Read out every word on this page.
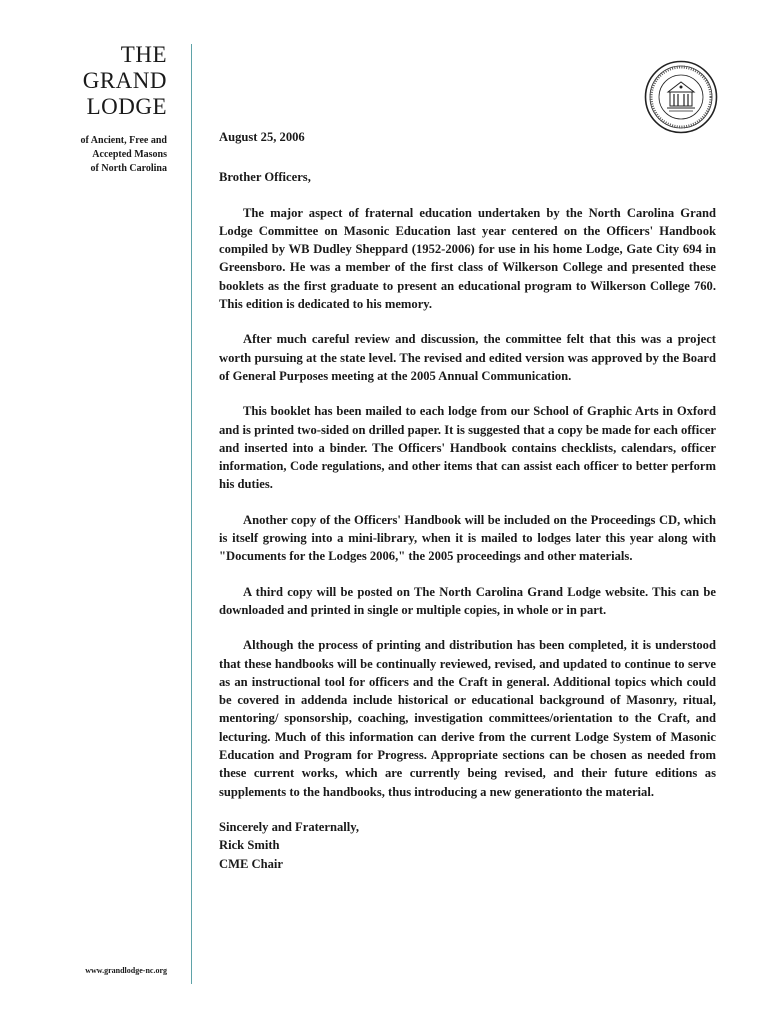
THE
GRAND
LODGE
of Ancient, Free and
Accepted Masons
of North Carolina
www.grandlodge-nc.org

August 25, 2006

Brother Officers,

The major aspect of fraternal education undertaken by the North Carolina Grand Lodge Committee on Masonic Education last year centered on the Officers' Handbook compiled by WB Dudley Sheppard (1952-2006) for use in his home Lodge, Gate City 694 in Greensboro. He was a member of the first class of Wilkerson College and presented these booklets as the first graduate to present an educational program to Wilkerson College 760. This edition is dedicated to his memory.

After much careful review and discussion, the committee felt that this was a project worth pursuing at the state level. The revised and edited version was approved by the Board of General Purposes meeting at the 2005 Annual Communication.

This booklet has been mailed to each lodge from our School of Graphic Arts in Oxford and is printed two-sided on drilled paper. It is suggested that a copy be made for each officer and inserted into a binder. The Officers' Handbook contains checklists, calendars, officer information, Code regulations, and other items that can assist each officer to better perform his duties.

Another copy of the Officers' Handbook will be included on the Proceedings CD, which is itself growing into a mini-library, when it is mailed to lodges later this year along with "Documents for the Lodges 2006," the 2005 proceedings and other materials.

A third copy will be posted on The North Carolina Grand Lodge website. This can be downloaded and printed in single or multiple copies, in whole or in part.

Although the process of printing and distribution has been completed, it is understood that these handbooks will be continually reviewed, revised, and updated to continue to serve as an instructional tool for officers and the Craft in general. Additional topics which could be covered in addenda include historical or educational background of Masonry, ritual, mentoring/ sponsorship, coaching, investigation committees/orientation to the Craft, and lecturing. Much of this information can derive from the current Lodge System of Masonic Education and Program for Progress. Appropriate sections can be chosen as needed from these current works, which are currently being revised, and their future editions as supplements to the handbooks, thus introducing a new generationto the material.

Sincerely and Fraternally,
Rick Smith
CME Chair
